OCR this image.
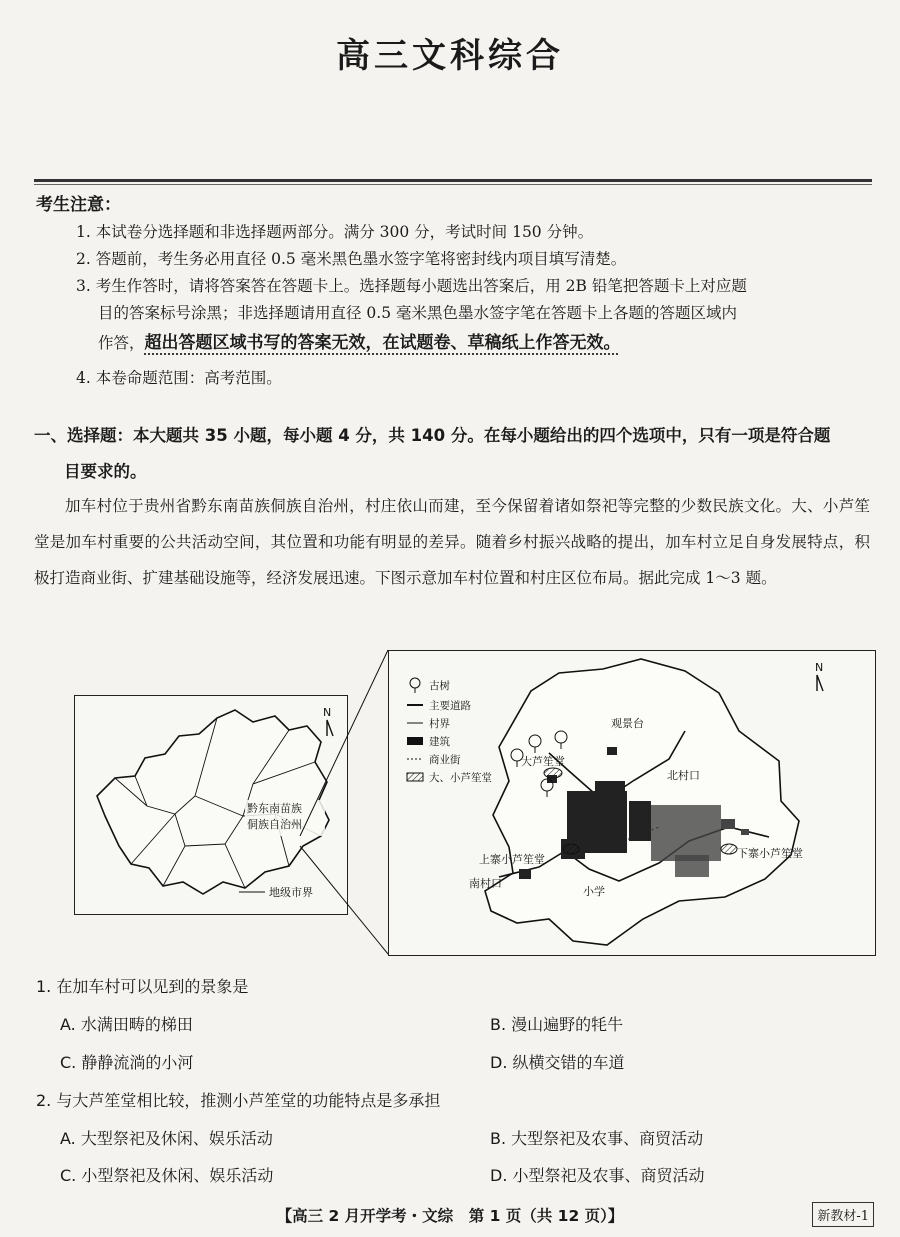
高三文科综合
考生注意：
1. 本试卷分选择题和非选择题两部分。满分 300 分，考试时间 150 分钟。
2. 答题前，考生务必用直径 0.5 毫米黑色墨水签字笔将密封线内项目填写清楚。
3. 考生作答时，请将答案答在答题卡上。选择题每小题选出答案后，用 2B 铅笔把答题卡上对应题
目的答案标号涂黑；非选择题请用直径 0.5 毫米黑色墨水签字笔在答题卡上各题的答题区域内
作答，超出答题区域书写的答案无效，在试题卷、草稿纸上作答无效。
4. 本卷命题范围：高考范围。
一、选择题：本大题共 35 小题，每小题 4 分，共 140 分。在每小题给出的四个选项中，只有一项是符合题
目要求的。

加车村位于贵州省黔东南苗族侗族自治州，村庄依山而建，至今保留着诸如祭祀等完整的少数民族文化。大、小芦笙堂是加车村重要的公共活动空间，其位置和功能有明显的差异。随着乡村振兴战略的提出，加车村立足自身发展特点，积极打造商业街、扩建基础设施等，经济发展迅速。下图示意加车村位置和村庄区位布局。据此完成 1～3 题。

黔东南苗族
侗族自治州
N
地级市界
观景台
北村口
大芦笙堂
上寨小芦笙堂	下寨小芦笙堂
南村口
小学
N
古树
主要道路
村界
建筑
商业街
大、小芦笙堂
1. 在加车村可以见到的景象是
A. 水满田畴的梯田	B. 漫山遍野的牦牛
C. 静静流淌的小河	D. 纵横交错的车道
2. 与大芦笙堂相比较，推测小芦笙堂的功能特点是多承担
A. 大型祭祀及休闲、娱乐活动	B. 大型祭祀及农事、商贸活动
C. 小型祭祀及休闲、娱乐活动	D. 小型祭祀及农事、商贸活动
【高三 2 月开学考・文综　第 1 页（共 12 页）】	新教材-1
